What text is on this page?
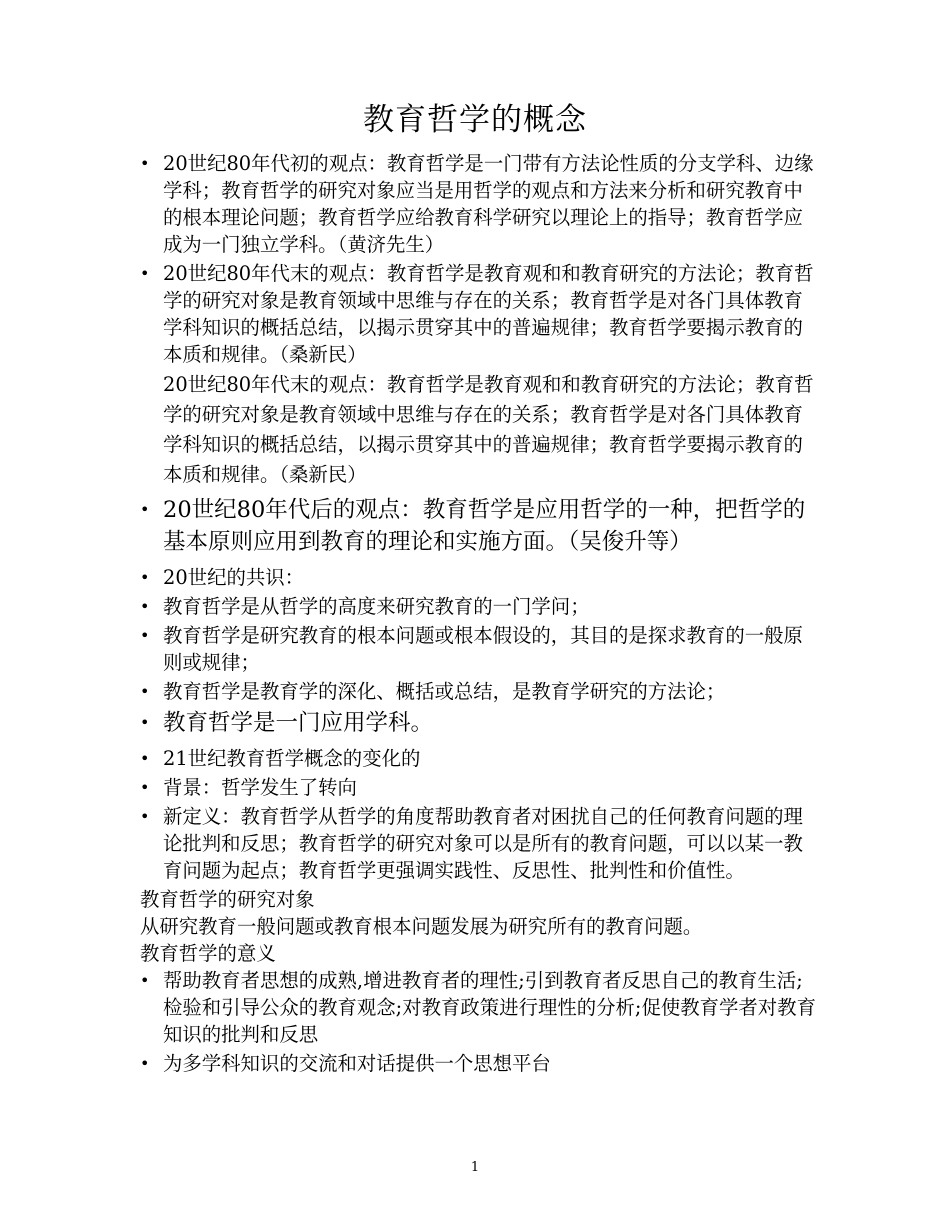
教育哲学的概念
• 20世纪80年代初的观点：教育哲学是一门带有方法论性质的分支学科、边缘学科；教育哲学的研究对象应当是用哲学的观点和方法来分析和研究教育中的根本理论问题；教育哲学应给教育科学研究以理论上的指导；教育哲学应成为一门独立学科。（黄济先生）
• 20世纪80年代末的观点：教育哲学是教育观和和教育研究的方法论；教育哲学的研究对象是教育领域中思维与存在的关系；教育哲学是对各门具体教育学科知识的概括总结，以揭示贯穿其中的普遍规律；教育哲学要揭示教育的本质和规律。（桑新民）
20世纪80年代末的观点：教育哲学是教育观和和教育研究的方法论；教育哲学的研究对象是教育领域中思维与存在的关系；教育哲学是对各门具体教育学科知识的概括总结，以揭示贯穿其中的普遍规律；教育哲学要揭示教育的本质和规律。（桑新民）
• 20世纪80年代后的观点：教育哲学是应用哲学的一种，把哲学的基本原则应用到教育的理论和实施方面。（吴俊升等）
• 20世纪的共识：
• 教育哲学是从哲学的高度来研究教育的一门学问；
• 教育哲学是研究教育的根本问题或根本假设的，其目的是探求教育的一般原则或规律；
• 教育哲学是教育学的深化、概括或总结，是教育学研究的方法论；
• 教育哲学是一门应用学科。
• 21世纪教育哲学概念的变化的
• 背景：哲学发生了转向
• 新定义：教育哲学从哲学的角度帮助教育者对困扰自己的任何教育问题的理论批判和反思；教育哲学的研究对象可以是所有的教育问题，可以以某一教育问题为起点；教育哲学更强调实践性、反思性、批判性和价值性。

教育哲学的研究对象

从研究教育一般问题或教育根本问题发展为研究所有的教育问题。

教育哲学的意义

• 帮助教育者思想的成熟,增进教育者的理性;引到教育者反思自己的教育生活;检验和引导公众的教育观念;对教育政策进行理性的分析;促使教育学者对教育知识的批判和反思
• 为多学科知识的交流和对话提供一个思想平台
1
